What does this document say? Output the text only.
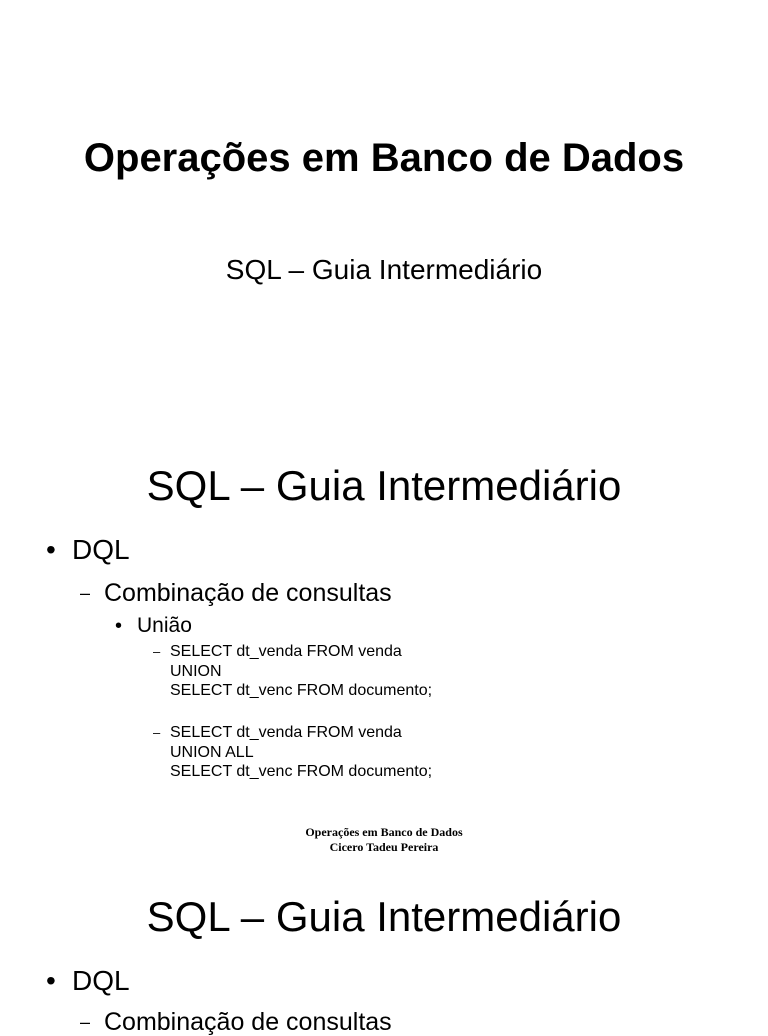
Operações em Banco de Dados
SQL – Guia Intermediário
SQL – Guia Intermediário
• DQL
– Combinação de consultas
• União
– SELECT dt_venda FROM venda
UNION
SELECT dt_venc FROM documento;
– SELECT dt_venda FROM venda
UNION ALL
SELECT dt_venc FROM documento;
Operações em Banco de Dados
Cicero Tadeu Pereira
SQL – Guia Intermediário
• DQL
– Combinação de consultas
